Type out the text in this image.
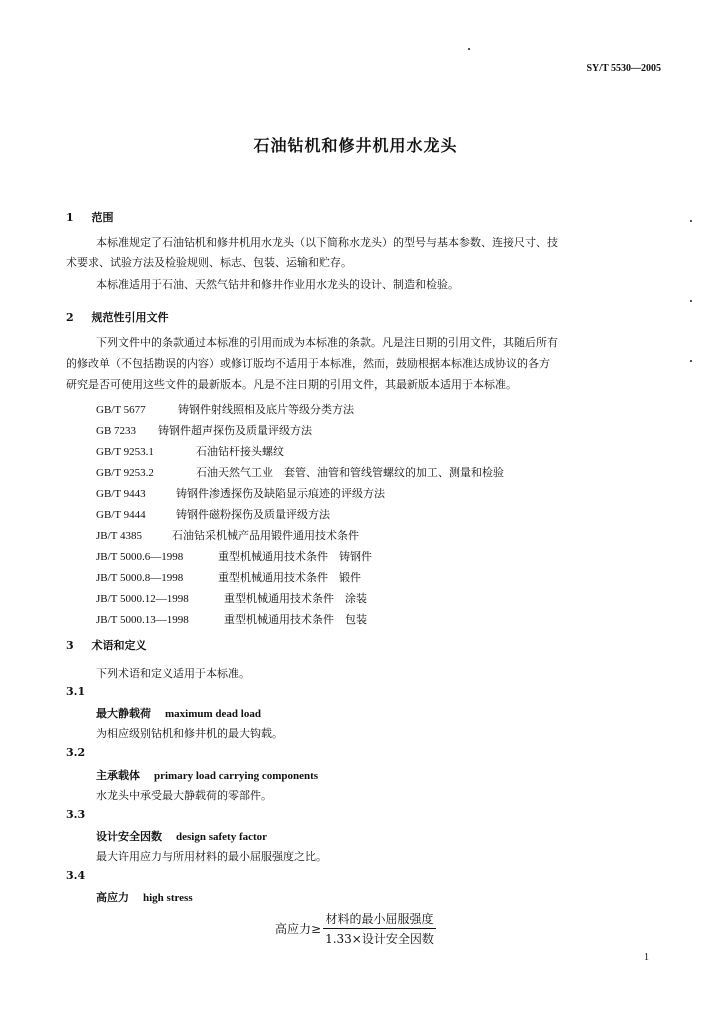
SY/T 5530—2005
石油钻机和修井机用水龙头
1 范围
本标准规定了石油钻机和修井机用水龙头（以下简称水龙头）的型号与基本参数、连接尺寸、技
术要求、试验方法及检验规则、标志、包装、运输和贮存。
本标准适用于石油、天然气钻井和修井作业用水龙头的设计、制造和检验。
2 规范性引用文件
下列文件中的条款通过本标准的引用而成为本标准的条款。凡是注日期的引用文件，其随后所有
的修改单（不包括勘误的内容）或修订版均不适用于本标准，然而，鼓励根据本标准达成协议的各方
研究是否可使用这些文件的最新版本。凡是不注日期的引用文件，其最新版本适用于本标准。
GB/T 5677	铸钢件射线照相及底片等级分类方法
GB 7233 铸钢件超声探伤及质量评级方法
GB/T 9253.1	石油钻杆接头螺纹
GB/T 9253.2	石油天然气工业　套管、油管和管线管螺纹的加工、测量和检验
GB/T 9443	铸钢件渗透探伤及缺陷显示痕迹的评级方法
GB/T 9444	铸钢件磁粉探伤及质量评级方法
JB/T 4385	石油钻采机械产品用锻件通用技术条件
JB/T 5000.6—1998	重型机械通用技术条件　铸钢件
JB/T 5000.8—1998	重型机械通用技术条件　锻件
JB/T 5000.12—1998	重型机械通用技术条件　涂装
JB/T 5000.13—1998	重型机械通用技术条件　包装
3 术语和定义
下列术语和定义适用于本标准。
3.1
最大静载荷 maximum dead load
为相应级别钻机和修井机的最大钩载。
3.2
主承载体 primary load carrying components
水龙头中承受最大静载荷的零部件。
3.3
设计安全因数 design safety factor
最大许用应力与所用材料的最小屈服强度之比。
3.4
高应力 high stress
高应力≥ $\frac{\text{材料的最小屈服强度}}{\text{1.33×设计安全因数}}$
1
